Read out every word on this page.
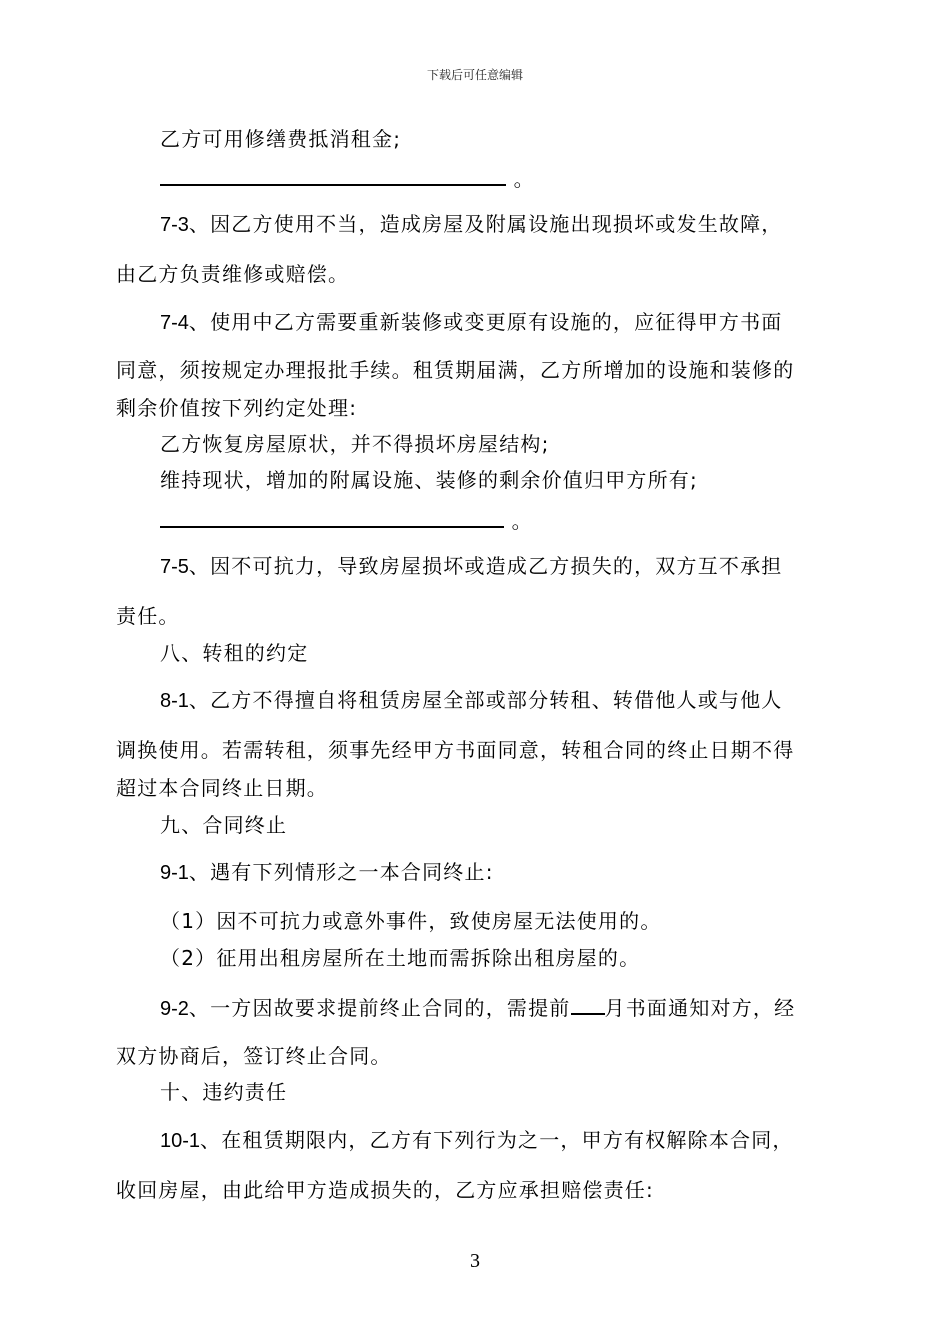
下载后可任意编辑
乙方可用修缮费抵消租金;
。
7-3、因乙方使用不当，造成房屋及附属设施出现损坏或发生故障，
由乙方负责维修或赔偿。
7-4、使用中乙方需要重新装修或变更原有设施的，应征得甲方书面
同意，须按规定办理报批手续。租赁期届满，乙方所增加的设施和装修的
剩余价值按下列约定处理:
乙方恢复房屋原状，并不得损坏房屋结构;
维持现状，增加的附属设施、装修的剩余价值归甲方所有;
。
7-5、因不可抗力，导致房屋损坏或造成乙方损失的，双方互不承担
责任。
八、转租的约定
8-1、乙方不得擅自将租赁房屋全部或部分转租、转借他人或与他人
调换使用。若需转租，须事先经甲方书面同意，转租合同的终止日期不得
超过本合同终止日期。
九、合同终止
9-1、遇有下列情形之一本合同终止:
（1）因不可抗力或意外事件，致使房屋无法使用的。
（2）征用出租房屋所在土地而需拆除出租房屋的。
9-2、一方因故要求提前终止合同的，需提前 月书面通知对方，经
双方协商后，签订终止合同。
十、违约责任
10-1、在租赁期限内，乙方有下列行为之一，甲方有权解除本合同，
收回房屋，由此给甲方造成损失的，乙方应承担赔偿责任:
3
